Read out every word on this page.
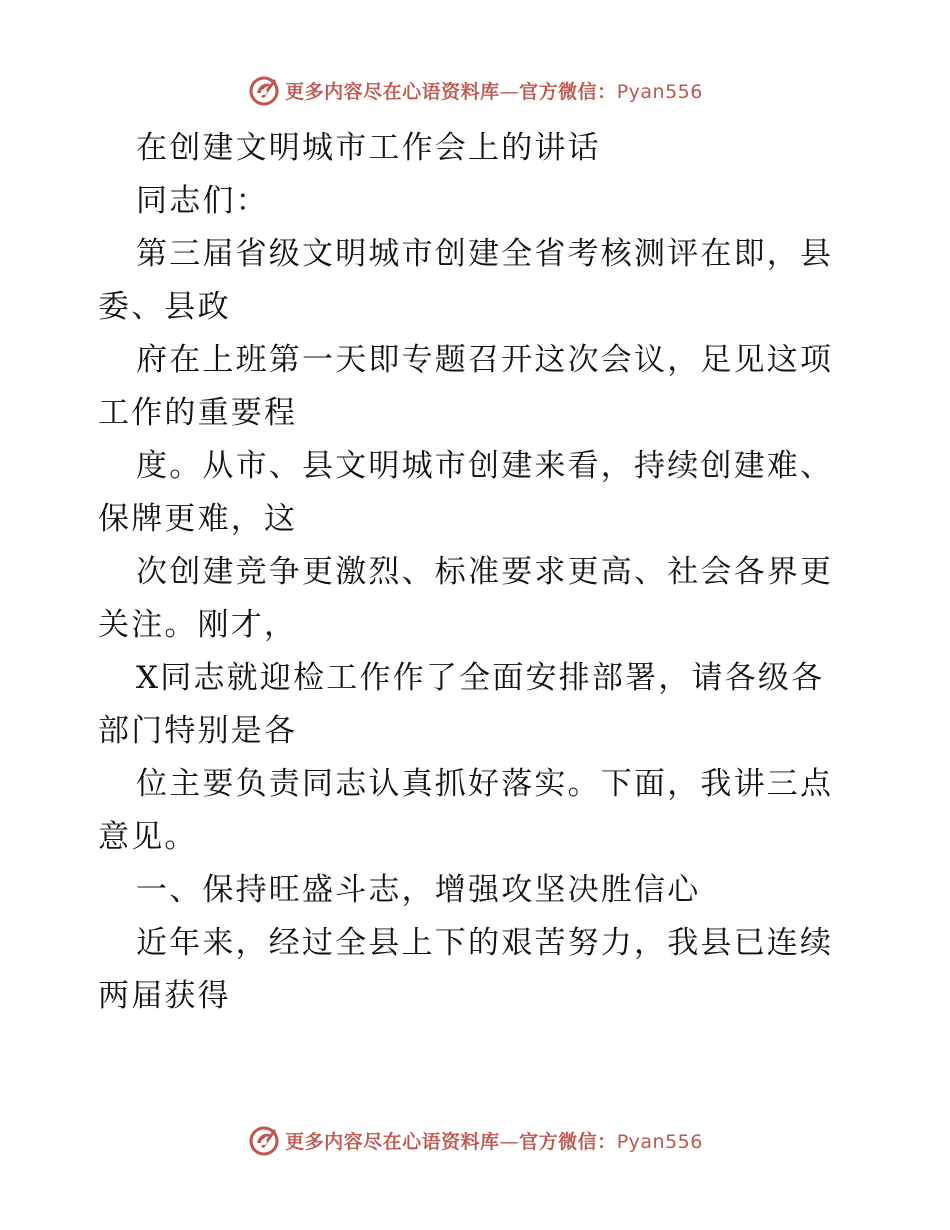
更多内容尽在心语资料库—官方微信：Pyan556
在创建文明城市工作会上的讲话
同志们：
第三届省级文明城市创建全省考核测评在即，县
委、县政
府在上班第一天即专题召开这次会议，足见这项
工作的重要程
度。从市、县文明城市创建来看，持续创建难、
保牌更难，这
次创建竞争更激烈、标准要求更高、社会各界更
关注。刚才，
X同志就迎检工作作了全面安排部署，请各级各
部门特别是各
位主要负责同志认真抓好落实。下面，我讲三点
意见。
一、保持旺盛斗志，增强攻坚决胜信心
近年来，经过全县上下的艰苦努力，我县已连续
两届获得
更多内容尽在心语资料库—官方微信：Pyan556
